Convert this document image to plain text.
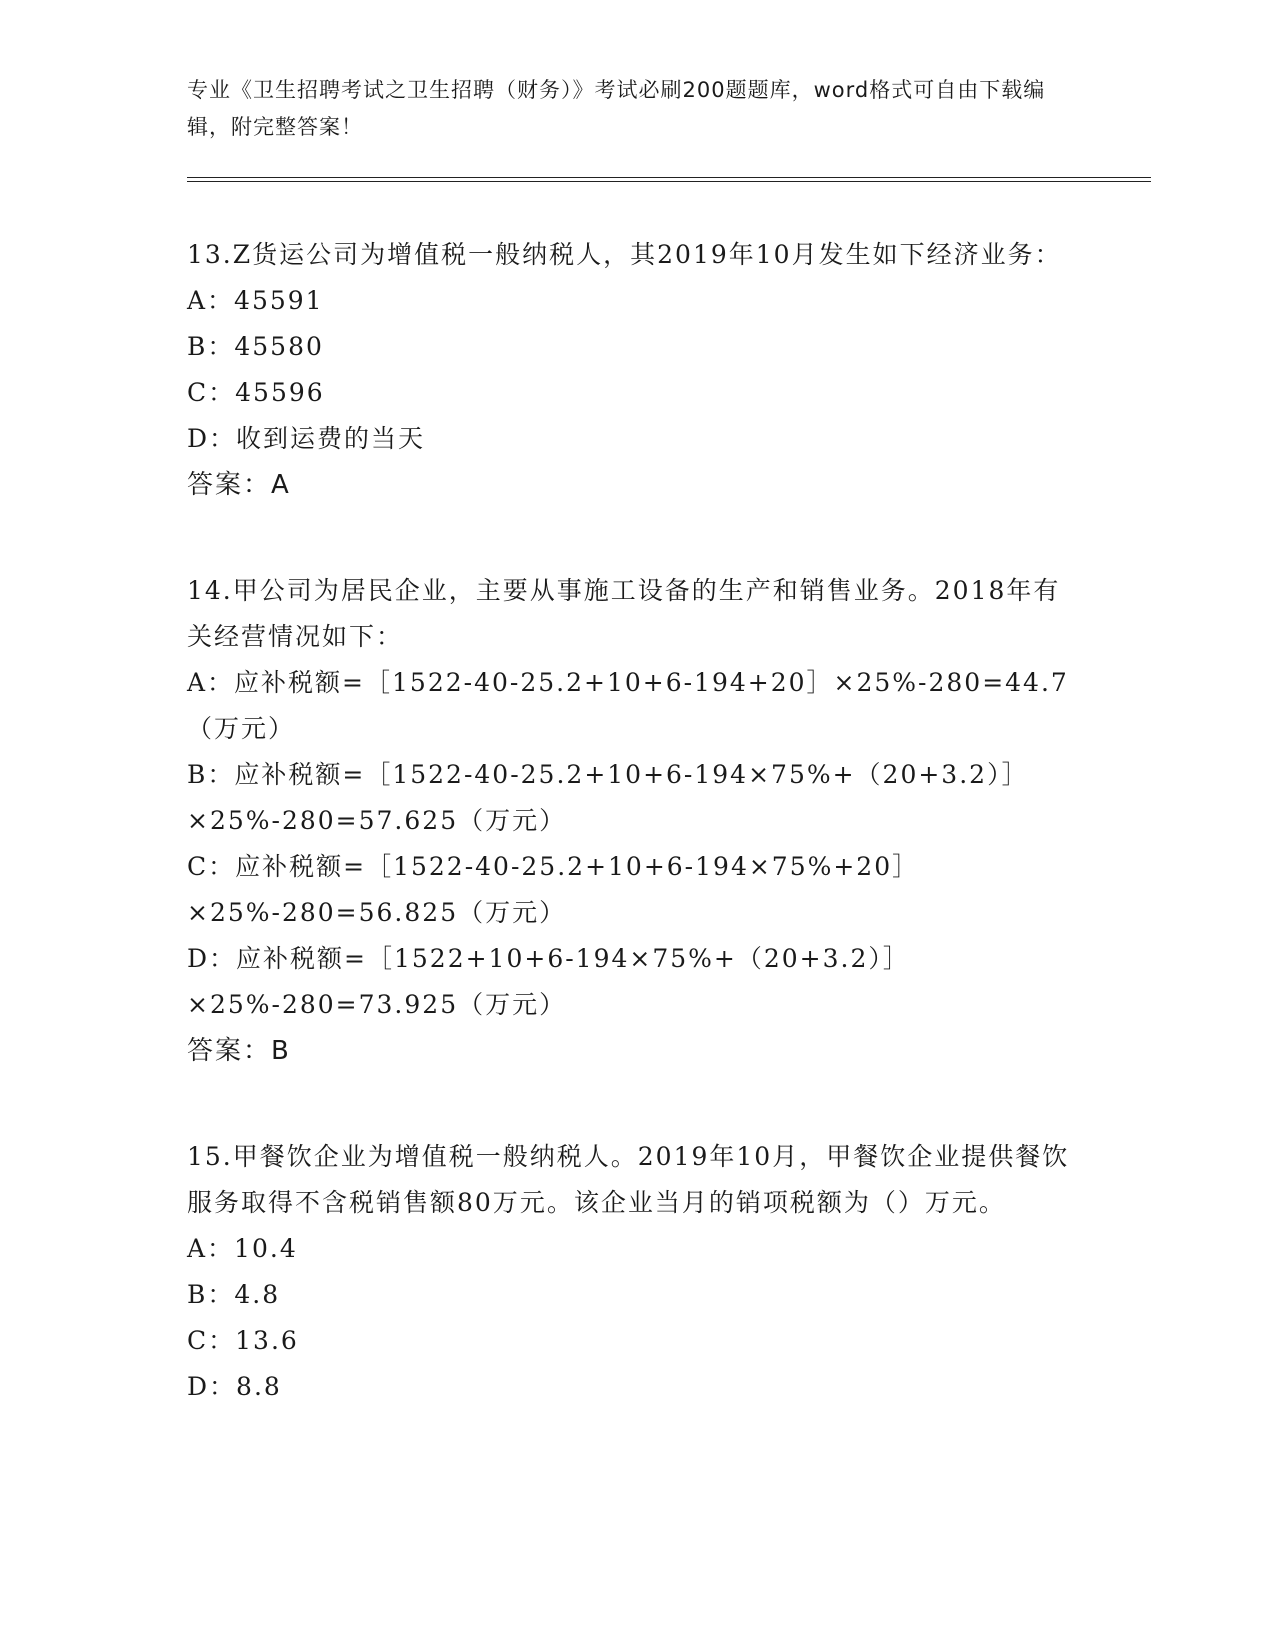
专业《卫生招聘考试之卫生招聘（财务）》考试必刷200题题库，word格式可自由下载编辑，附完整答案！

13.Z货运公司为增值税一般纳税人，其2019年10月发生如下经济业务：

A：45591

B：45580

C：45596

D：收到运费的当天

答案：A

14.甲公司为居民企业，主要从事施工设备的生产和销售业务。2018年有关经营情况如下：

A：应补税额=［1522-40-25.2+10+6-194+20］×25%-280=44.7（万元）

B：应补税额=［1522-40-25.2+10+6-194×75%+（20+3.2）］×25%-280=57.625（万元）

C：应补税额=［1522-40-25.2+10+6-194×75%+20］×25%-280=56.825（万元）

D：应补税额=［1522+10+6-194×75%+（20+3.2）］×25%-280=73.925（万元）

答案：B

15.甲餐饮企业为增值税一般纳税人。2019年10月，甲餐饮企业提供餐饮服务取得不含税销售额80万元。该企业当月的销项税额为（）万元。

A：10.4

B：4.8

C：13.6

D：8.8
